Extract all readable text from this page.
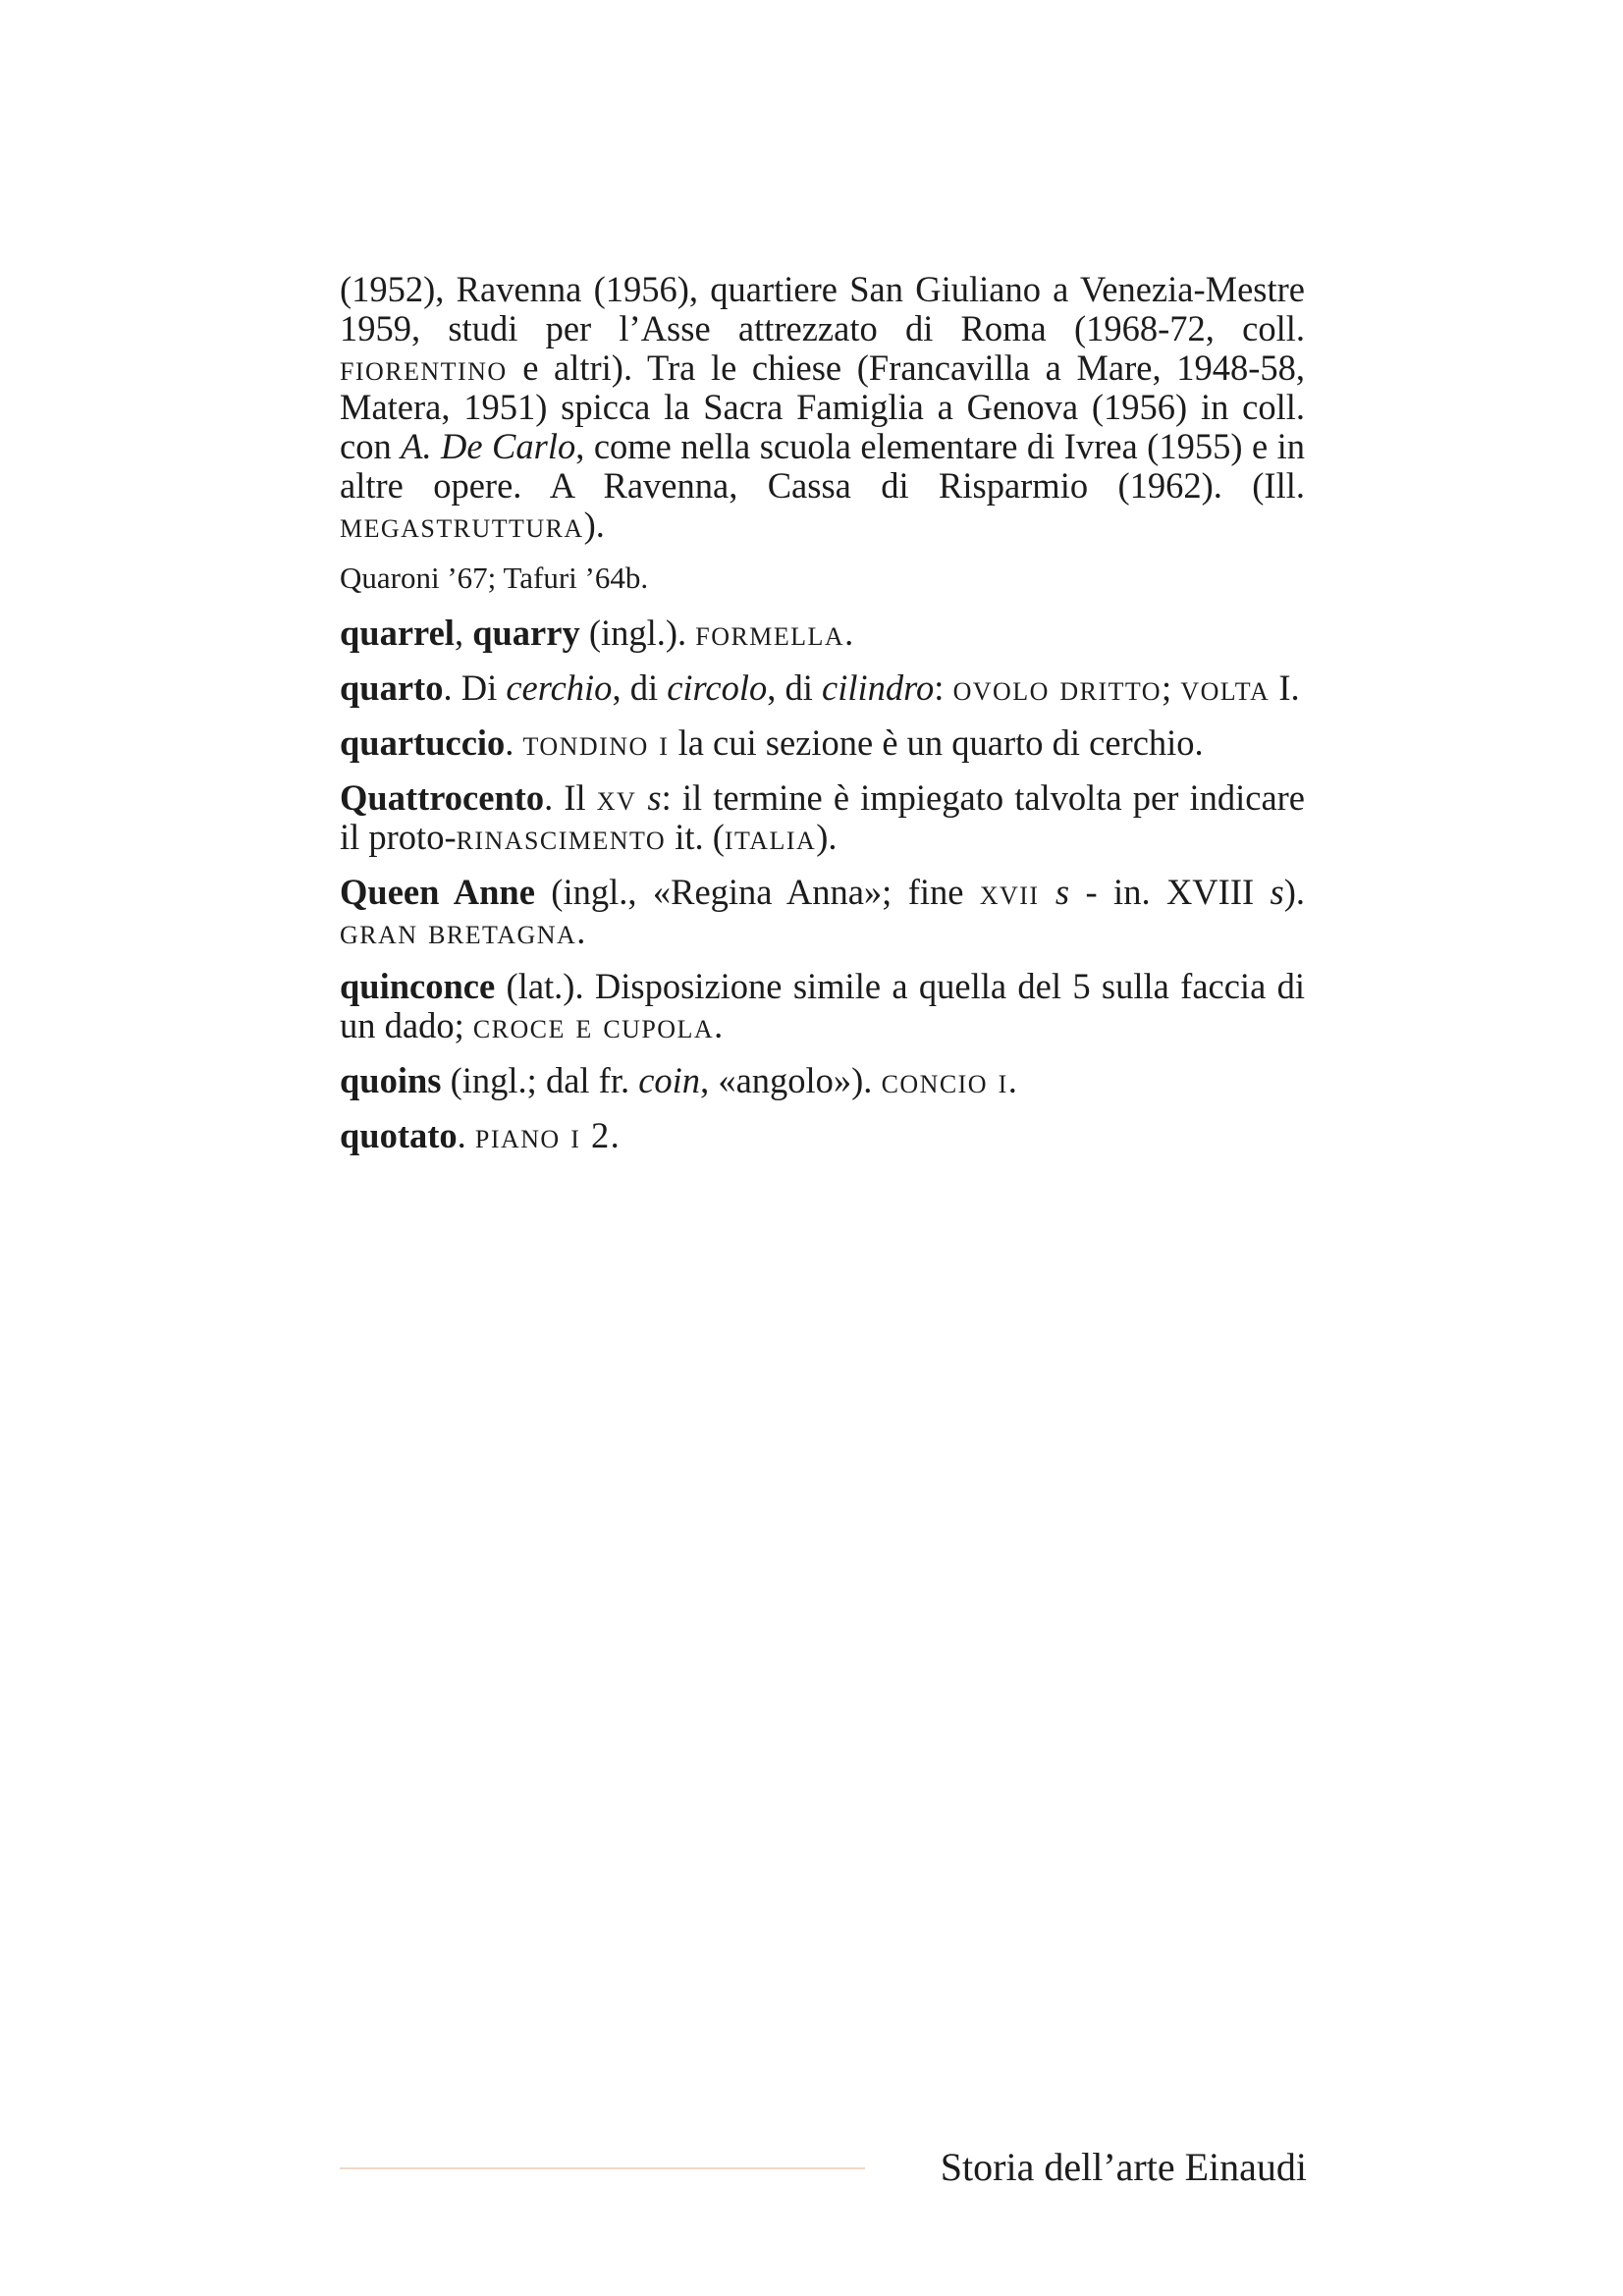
(1952), Ravenna (1956), quartiere San Giuliano a Venezia-Mestre 1959, studi per l’Asse attrezzato di Roma (1968-72, coll. fiorentino e altri). Tra le chiese (Francavilla a Mare, 1948-58, Matera, 1951) spicca la Sacra Famiglia a Genova (1956) in coll. con A. De Carlo, come nella scuola elementare di Ivrea (1955) e in altre opere. A Ravenna, Cassa di Risparmio (1962). (Ill. megastruttura).

Quaroni ’67; Tafuri ’64b.

quarrel, quarry (ingl.). formella.

quarto. Di cerchio, di circolo, di cilindro: ovolo dritto; volta I.

quartuccio. tondino i la cui sezione è un quarto di cerchio.

Quattrocento. Il xv s: il termine è impiegato talvolta per indicare il proto-rinascimento it. (italia).

Queen Anne (ingl., «Regina Anna»; fine xvii s - in. XVIII s). gran bretagna.

quinconce (lat.). Disposizione simile a quella del 5 sulla faccia di un dado; croce e cupola.

quoins (ingl.; dal fr. coin, «angolo»). concio i.

quotato. piano i 2.

Storia dell’arte Einaudi
